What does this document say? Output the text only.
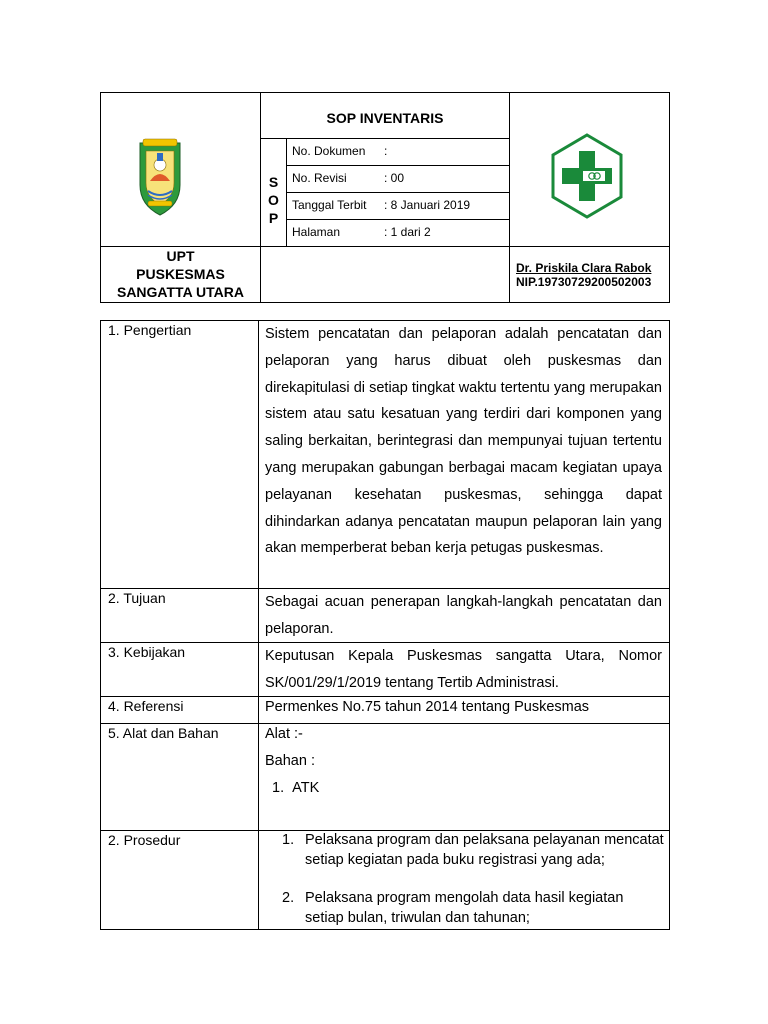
SOP INVENTARIS
S
O
P
No. Dokumen :
No. Revisi	: 00
Tanggal Terbit : 8 Januari 2019
Halaman	: 1 dari 2
UPT
PUSKESMAS
SANGATTA UTARA
Dr. Priskila Clara Rabok
NIP.19730729200502003
1. Pengertian	Sistem pencatatan dan pelaporan adalah pencatatan dan pelaporan yang harus dibuat oleh puskesmas dan direkapitulasi di setiap tingkat waktu tertentu yang merupakan sistem atau satu kesatuan yang terdiri dari komponen yang saling berkaitan, berintegrasi dan mempunyai tujuan tertentu yang merupakan gabungan berbagai macam kegiatan upaya pelayanan kesehatan puskesmas, sehingga dapat dihindarkan adanya pencatatan maupun pelaporan lain yang akan memperberat beban kerja petugas puskesmas.
2. Tujuan	Sebagai acuan penerapan langkah-langkah pencatatan dan pelaporan.
3. Kebijakan	Keputusan Kepala Puskesmas sangatta Utara, Nomor SK/001/29/1/2019 tentang Tertib Administrasi.
4. Referensi	Permenkes No.75 tahun 2014 tentang Puskesmas
5. Alat dan Bahan	Alat :-
Bahan :
1.  ATK
2. Prosedur	1. Pelaksana program dan pelaksana pelayanan mencatat setiap kegiatan pada buku registrasi yang ada;
2. Pelaksana program mengolah data hasil kegiatan setiap bulan, triwulan dan tahunan;
